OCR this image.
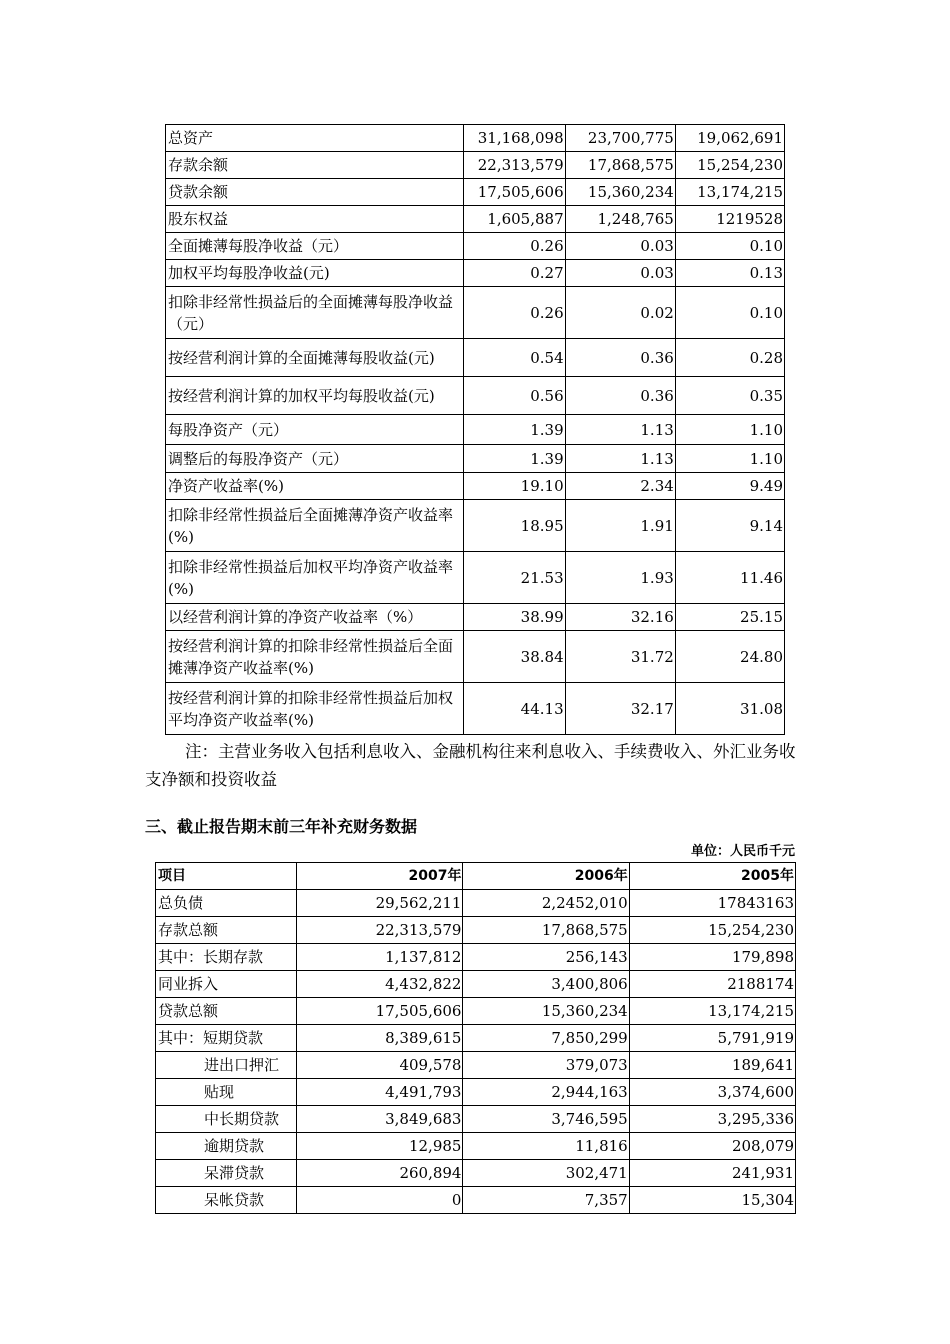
总资产	31,168,098	23,700,775	19,062,691
存款余额	22,313,579	17,868,575	15,254,230
贷款余额	17,505,606	15,360,234	13,174,215
股东权益	1,605,887	1,248,765	1219528
全面摊薄每股净收益（元）	0.26	0.03	0.10
加权平均每股净收益(元)	0.27	0.03	0.13
扣除非经常性损益后的全面摊薄每股净收益（元）	0.26	0.02	0.10
按经营利润计算的全面摊薄每股收益(元)	0.54	0.36	0.28
按经营利润计算的加权平均每股收益(元)	0.56	0.36	0.35
每股净资产（元）	1.39	1.13	1.10
调整后的每股净资产（元）	1.39	1.13	1.10
净资产收益率(%)	19.10	2.34	9.49
扣除非经常性损益后全面摊薄净资产收益率(%)	18.95	1.91	9.14
扣除非经常性损益后加权平均净资产收益率(%)	21.53	1.93	11.46
以经营利润计算的净资产收益率（%）	38.99	32.16	25.15
按经营利润计算的扣除非经常性损益后全面摊薄净资产收益率(%)	38.84	31.72	24.80
按经营利润计算的扣除非经常性损益后加权平均净资产收益率(%)	44.13	32.17	31.08

注：主营业务收入包括利息收入、金融机构往来利息收入、手续费收入、外汇业务收支净额和投资收益

三、截止报告期末前三年补充财务数据

单位：人民币千元

项目	2007年	2006年	2005年
总负债	29,562,211	2,2452,010	17843163
存款总额	22,313,579	17,868,575	15,254,230
其中：长期存款	1,137,812	256,143	179,898
同业拆入	4,432,822	3,400,806	2188174
贷款总额	17,505,606	15,360,234	13,174,215
其中：短期贷款	8,389,615	7,850,299	5,791,919
进出口押汇	409,578	379,073	189,641
贴现	4,491,793	2,944,163	3,374,600
中长期贷款	3,849,683	3,746,595	3,295,336
逾期贷款	12,985	11,816	208,079
呆滞贷款	260,894	302,471	241,931
呆帐贷款	0	7,357	15,304
